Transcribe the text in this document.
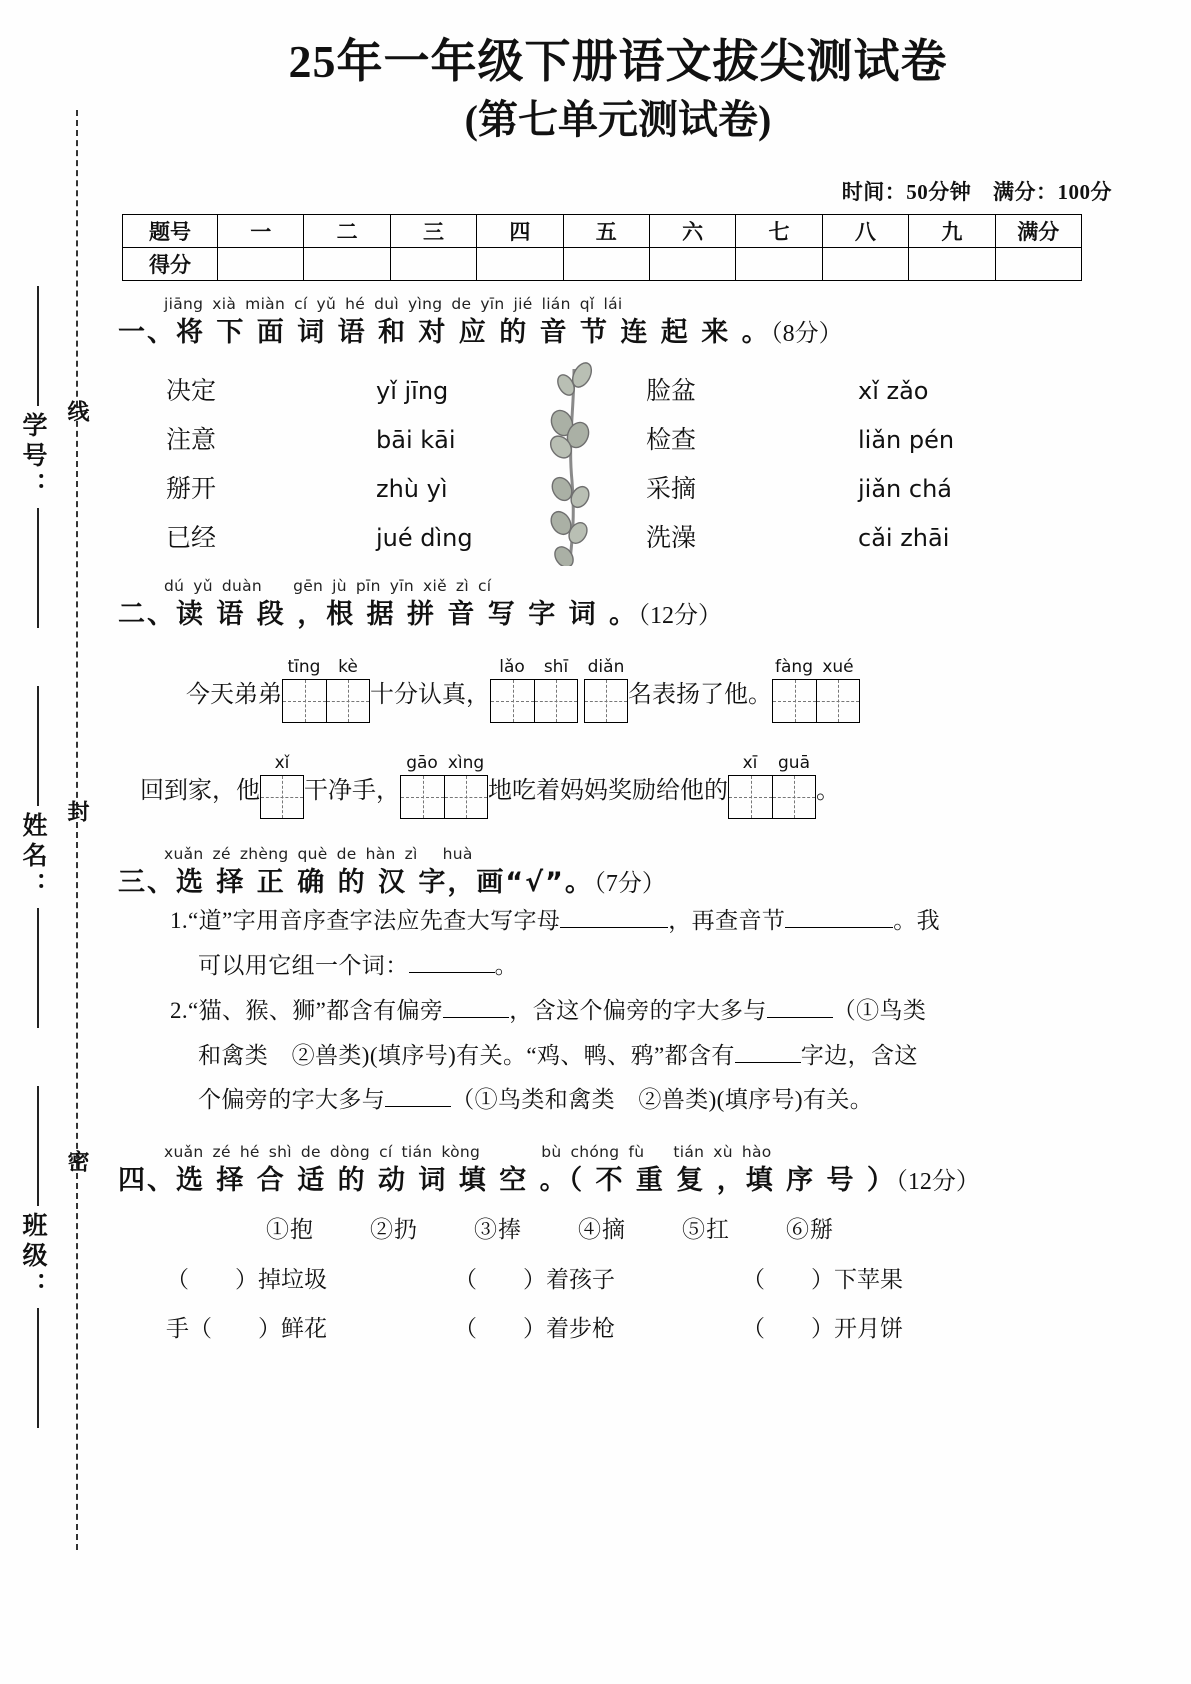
学号：
线
姓名：
封
班级：
密
25年一年级下册语文拔尖测试卷
(第七单元测试卷)
时间：50分钟 满分：100分
题号	一	二	三	四	五	六	七	八	九	满分
得分										
jiāng xià miàn cí yǔ hé duì yìng de yīn jié lián qǐ lái
一、将 下 面 词 语 和 对 应 的 音 节 连 起 来 。（8分）
决定
注意
掰开
已经
yǐ jīng
bāi kāi
zhù yì
jué dìng
脸盆
检查
采摘
洗澡
xǐ zǎo
liǎn pén
jiǎn chá
cǎi zhāi
dú yǔ duàn gēn jù pīn yīn xiě zì cí
二、读 语 段 ，根 据 拼 音 写 字 词 。（12分）
今天弟弟
tīng	kè
十分认真，
lǎo	shī	diǎn
名表扬了他。
fàng xué
回到家，他
xǐ
干净手，
gāo xìng
地吃着妈妈奖励给他的
xī	guā
。
xuǎn zé zhèng què de hàn zì huà
三、选 择 正 确 的 汉 字，画“√”。（7分）
1.“道”字用音序查字法应先查大写字母	，再查音节	。我
可以用它组一个词：	。
2.“猫、猴、狮”都含有偏旁	，含这个偏旁的字大多与	（①鸟类
和禽类　②兽类)(填序号)有关。“鸡、鸭、鸦”都含有	字边，含这
个偏旁的字大多与	（①鸟类和禽类　②兽类)(填序号)有关。
xuǎn zé hé shì de dòng cí tián kòng	bù chóng fù tián xù hào
四、选 择 合 适 的 动 词 填 空 。（ 不 重 复 ，填 序 号 ）（12分）
①抱 ②扔 ③捧 ④摘 ⑤扛 ⑥掰
（　　）掉垃圾	（　　）着孩子	（　　）下苹果
手（　　）鲜花	（　　）着步枪	（　　）开月饼
